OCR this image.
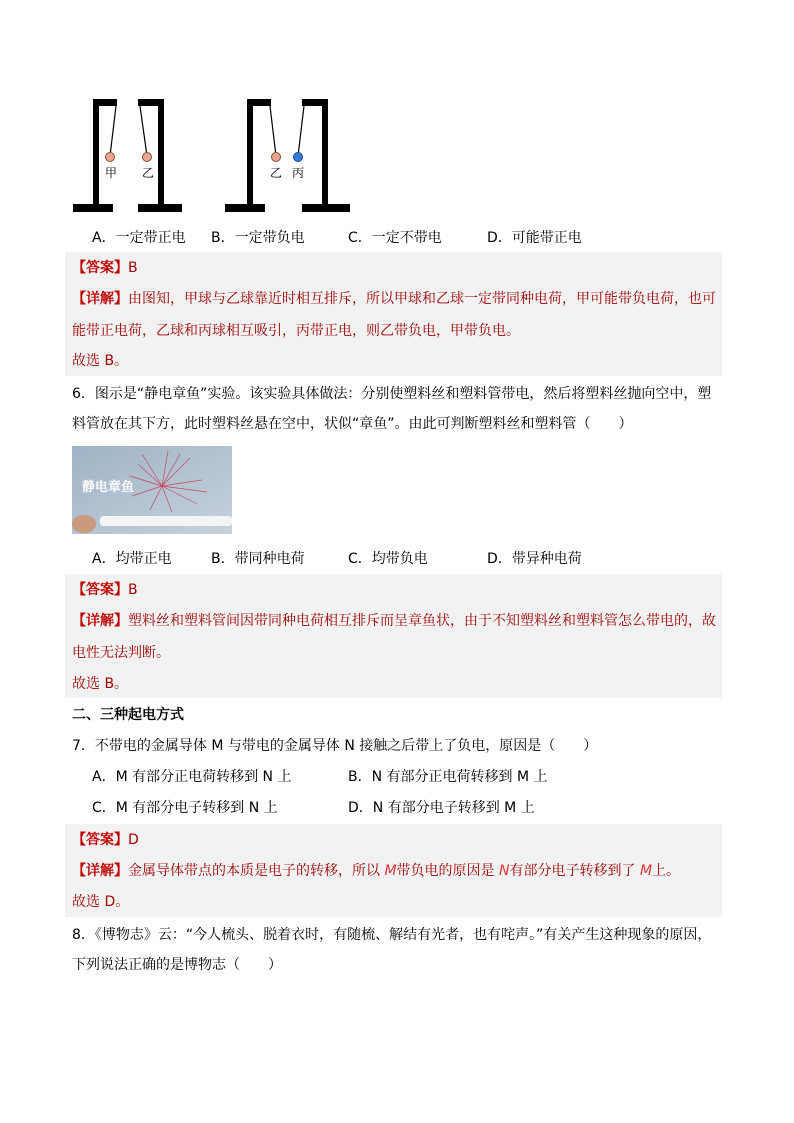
甲 乙	乙 丙
A．一定带正电 B．一定带负电	C．一定不带电	D．可能带正电
【答案】B
【详解】由图知，甲球与乙球靠近时相互排斥，所以甲球和乙球一定带同种电荷，甲可能带负电荷，也可
能带正电荷，乙球和丙球相互吸引，丙带正电，则乙带负电，甲带负电。
故选 B。
6．图示是“静电章鱼”实验。该实验具体做法：分别使塑料丝和塑料管带电，然后将塑料丝抛向空中，塑
料管放在其下方，此时塑料丝悬在空中，状似“章鱼”。由此可判断塑料丝和塑料管（　　）
静电章鱼
A．均带正电	B．带同种电荷	C．均带负电	D．带异种电荷
【答案】B
【详解】塑料丝和塑料管间因带同种电荷相互排斥而呈章鱼状，由于不知塑料丝和塑料管怎么带电的，故
电性无法判断。
故选 B。
二、三种起电方式
7．不带电的金属导体 M 与带电的金属导体 N 接触之后带上了负电，原因是（　　）
A．M 有部分正电荷转移到 N 上	B．N 有部分正电荷转移到 M 上
C．M 有部分电子转移到 N 上	D．N 有部分电子转移到 M 上
【答案】D
【详解】金属导体带点的本质是电子的转移，所以 M带负电的原因是 N有部分电子转移到了 M上。
故选 D。
8．《博物志》云：“今人梳头、脱着衣时，有随梳、解结有光者，也有咤声。”有关产生这种现象的原因，
下列说法正确的是博物志（　　）
